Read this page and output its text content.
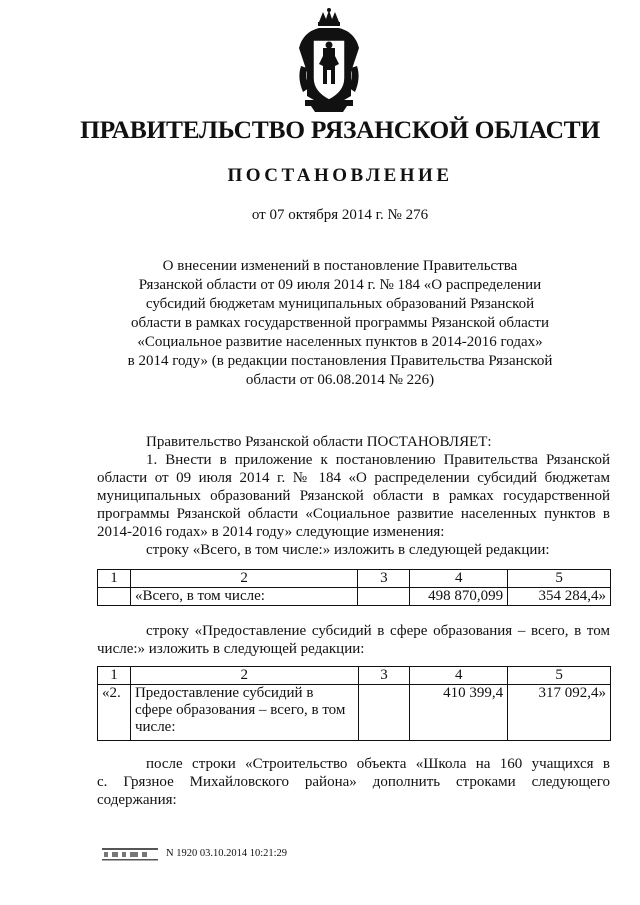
ПРАВИТЕЛЬСТВО РЯЗАНСКОЙ ОБЛАСТИ
ПОСТАНОВЛЕНИЕ
от 07 октября 2014 г. № 276
О внесении изменений в постановление Правительства
Рязанской области от 09 июля 2014 г. № 184 «О распределении
субсидий бюджетам муниципальных образований Рязанской
области в рамках государственной программы Рязанской области
«Социальное развитие населенных пунктов в 2014-2016 годах»
в 2014 году» (в редакции постановления Правительства Рязанской
области от 06.08.2014 № 226)
Правительство Рязанской области ПОСТАНОВЛЯЕТ:
1. Внести в приложение к постановлению Правительства Рязанской
области от 09 июля 2014 г. № 184 «О распределении субсидий бюджетам
муниципальных образований Рязанской области в рамках государственной
программы Рязанской области «Социальное развитие населенных пунктов в
2014-2016 годах» в 2014 году» следующие изменения:
строку «Всего, в том числе:» изложить в следующей редакции:
1	2	3	4	5
	«Всего, в том числе:		498 870,099	354 284,4»
строку «Предоставление субсидий в сфере образования – всего, в том
числе:» изложить в следующей редакции:
1	2	3	4	5
«2.	Предоставление субсидий в сфере образования – всего, в том числе:		410 399,4	317 092,4»
после строки «Строительство объекта «Школа на 160 учащихся в
с. Грязное Михайловского района» дополнить строками следующего
содержания:
N 1920 03.10.2014 10:21:29
